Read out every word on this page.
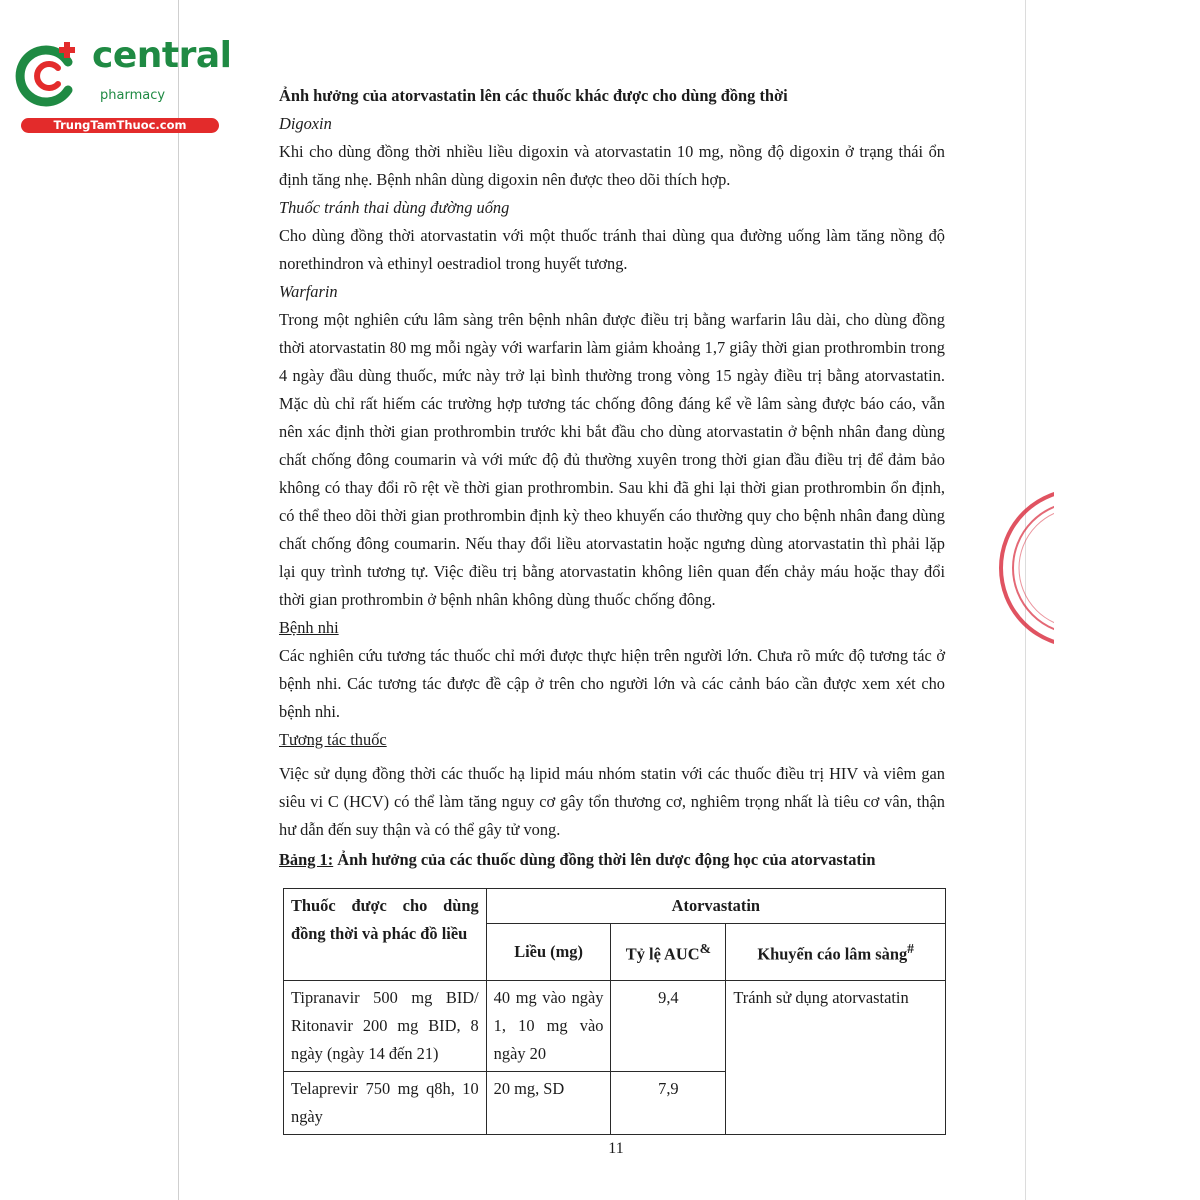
central
pharmacy
TrungTamThuoc.com

Ảnh hưởng của atorvastatin lên các thuốc khác được cho dùng đồng thời

Digoxin

Khi cho dùng đồng thời nhiều liều digoxin và atorvastatin 10 mg, nồng độ digoxin ở trạng thái ổn định tăng nhẹ. Bệnh nhân dùng digoxin nên được theo dõi thích hợp.

Thuốc tránh thai dùng đường uống

Cho dùng đồng thời atorvastatin với một thuốc tránh thai dùng qua đường uống làm tăng nồng độ norethindron và ethinyl oestradiol trong huyết tương.

Warfarin

Trong một nghiên cứu lâm sàng trên bệnh nhân được điều trị bằng warfarin lâu dài, cho dùng đồng thời atorvastatin 80 mg mỗi ngày với warfarin làm giảm khoảng 1,7 giây thời gian prothrombin trong 4 ngày đầu dùng thuốc, mức này trở lại bình thường trong vòng 15 ngày điều trị bằng atorvastatin. Mặc dù chỉ rất hiếm các trường hợp tương tác chống đông đáng kể về lâm sàng được báo cáo, vẫn nên xác định thời gian prothrombin trước khi bắt đầu cho dùng atorvastatin ở bệnh nhân đang dùng chất chống đông coumarin và với mức độ đủ thường xuyên trong thời gian đầu điều trị để đảm bảo không có thay đổi rõ rệt về thời gian prothrombin. Sau khi đã ghi lại thời gian prothrombin ổn định, có thể theo dõi thời gian prothrombin định kỳ theo khuyến cáo thường quy cho bệnh nhân đang dùng chất chống đông coumarin. Nếu thay đổi liều atorvastatin hoặc ngưng dùng atorvastatin thì phải lặp lại quy trình tương tự. Việc điều trị bằng atorvastatin không liên quan đến chảy máu hoặc thay đổi thời gian prothrombin ở bệnh nhân không dùng thuốc chống đông.

Bệnh nhi

Các nghiên cứu tương tác thuốc chỉ mới được thực hiện trên người lớn. Chưa rõ mức độ tương tác ở bệnh nhi. Các tương tác được đề cập ở trên cho người lớn và các cảnh báo cần được xem xét cho bệnh nhi.

Tương tác thuốc

Việc sử dụng đồng thời các thuốc hạ lipid máu nhóm statin với các thuốc điều trị HIV và viêm gan siêu vi C (HCV) có thể làm tăng nguy cơ gây tổn thương cơ, nghiêm trọng nhất là tiêu cơ vân, thận hư dẫn đến suy thận và có thể gây tử vong.

Bảng 1: Ảnh hưởng của các thuốc dùng đồng thời lên dược động học của atorvastatin

Thuốc được cho dùng đồng thời và phác đồ liều	Atorvastatin		
	Liều (mg)	Tỷ lệ AUC&	Khuyến cáo lâm sàng#
Tipranavir 500 mg BID/ Ritonavir 200 mg BID, 8 ngày (ngày 14 đến 21)	40 mg vào ngày 1, 10 mg vào ngày 20	9,4	Tránh sử dụng atorvastatin
Telaprevir 750 mg q8h, 10 ngày	20 mg, SD	7,9	
11
